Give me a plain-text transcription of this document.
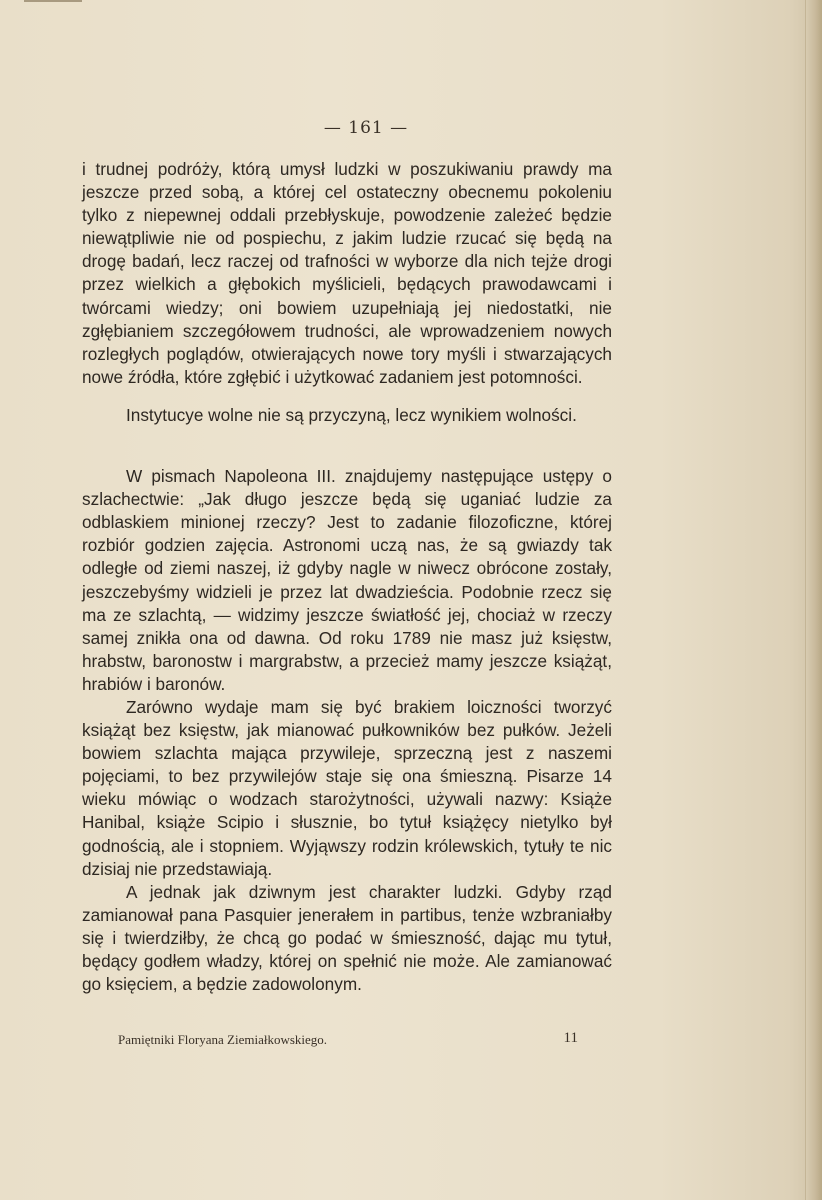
— 161 —

i trudnej podróży, którą umysł ludzki w poszukiwaniu prawdy ma jeszcze przed sobą, a której cel ostateczny obecnemu pokoleniu tylko z niepewnej oddali przebłyskuje, powodzenie zależeć będzie niewątpliwie nie od pospiechu, z jakim ludzie rzucać się będą na drogę badań, lecz raczej od trafności w wyborze dla nich tejże drogi przez wielkich a głębokich myślicieli, będących prawodawcami i twórcami wiedzy; oni bowiem uzupełniają jej niedostatki, nie zgłębianiem szczegółowem trudności, ale wprowadzeniem nowych rozległych poglądów, otwierających nowe tory myśli i stwarzających nowe źródła, które zgłębić i użytkować zadaniem jest potomności.

Instytucye wolne nie są przyczyną, lecz wynikiem wolności.

W pismach Napoleona III. znajdujemy następujące ustępy o szlachectwie: „Jak długo jeszcze będą się uganiać ludzie za odblaskiem minionej rzeczy? Jest to zadanie filozoficzne, której rozbiór godzien zajęcia. Astronomi uczą nas, że są gwiazdy tak odległe od ziemi naszej, iż gdyby nagle w niwecz obrócone zostały, jeszczebyśmy widzieli je przez lat dwadzieścia. Podobnie rzecz się ma ze szlachtą, — widzimy jeszcze światłość jej, chociaż w rzeczy samej znikła ona od dawna. Od roku 1789 nie masz już księstw, hrabstw, baronostw i margrabstw, a przecież mamy jeszcze książąt, hrabiów i baronów.

Zarówno wydaje mam się być brakiem loiczności tworzyć książąt bez księstw, jak mianować pułkowników bez pułków. Jeżeli bowiem szlachta mająca przywileje, sprzeczną jest z naszemi pojęciami, to bez przywilejów staje się ona śmieszną. Pisarze 14 wieku mówiąc o wodzach starożytności, używali nazwy: Książe Hanibal, książe Scipio i słusznie, bo tytuł książęcy nietylko był godnością, ale i stopniem. Wyjąwszy rodzin królewskich, tytuły te nic dzisiaj nie przedstawiają.

A jednak jak dziwnym jest charakter ludzki. Gdyby rząd zamianował pana Pasquier jenerałem in partibus, tenże wzbraniałby się i twierdziłby, że chcą go podać w śmieszność, dając mu tytuł, będący godłem władzy, której on spełnić nie może. Ale zamianować go księciem, a będzie zadowolonym.

Pamiętniki Floryana Ziemiałkowskiego.	11
